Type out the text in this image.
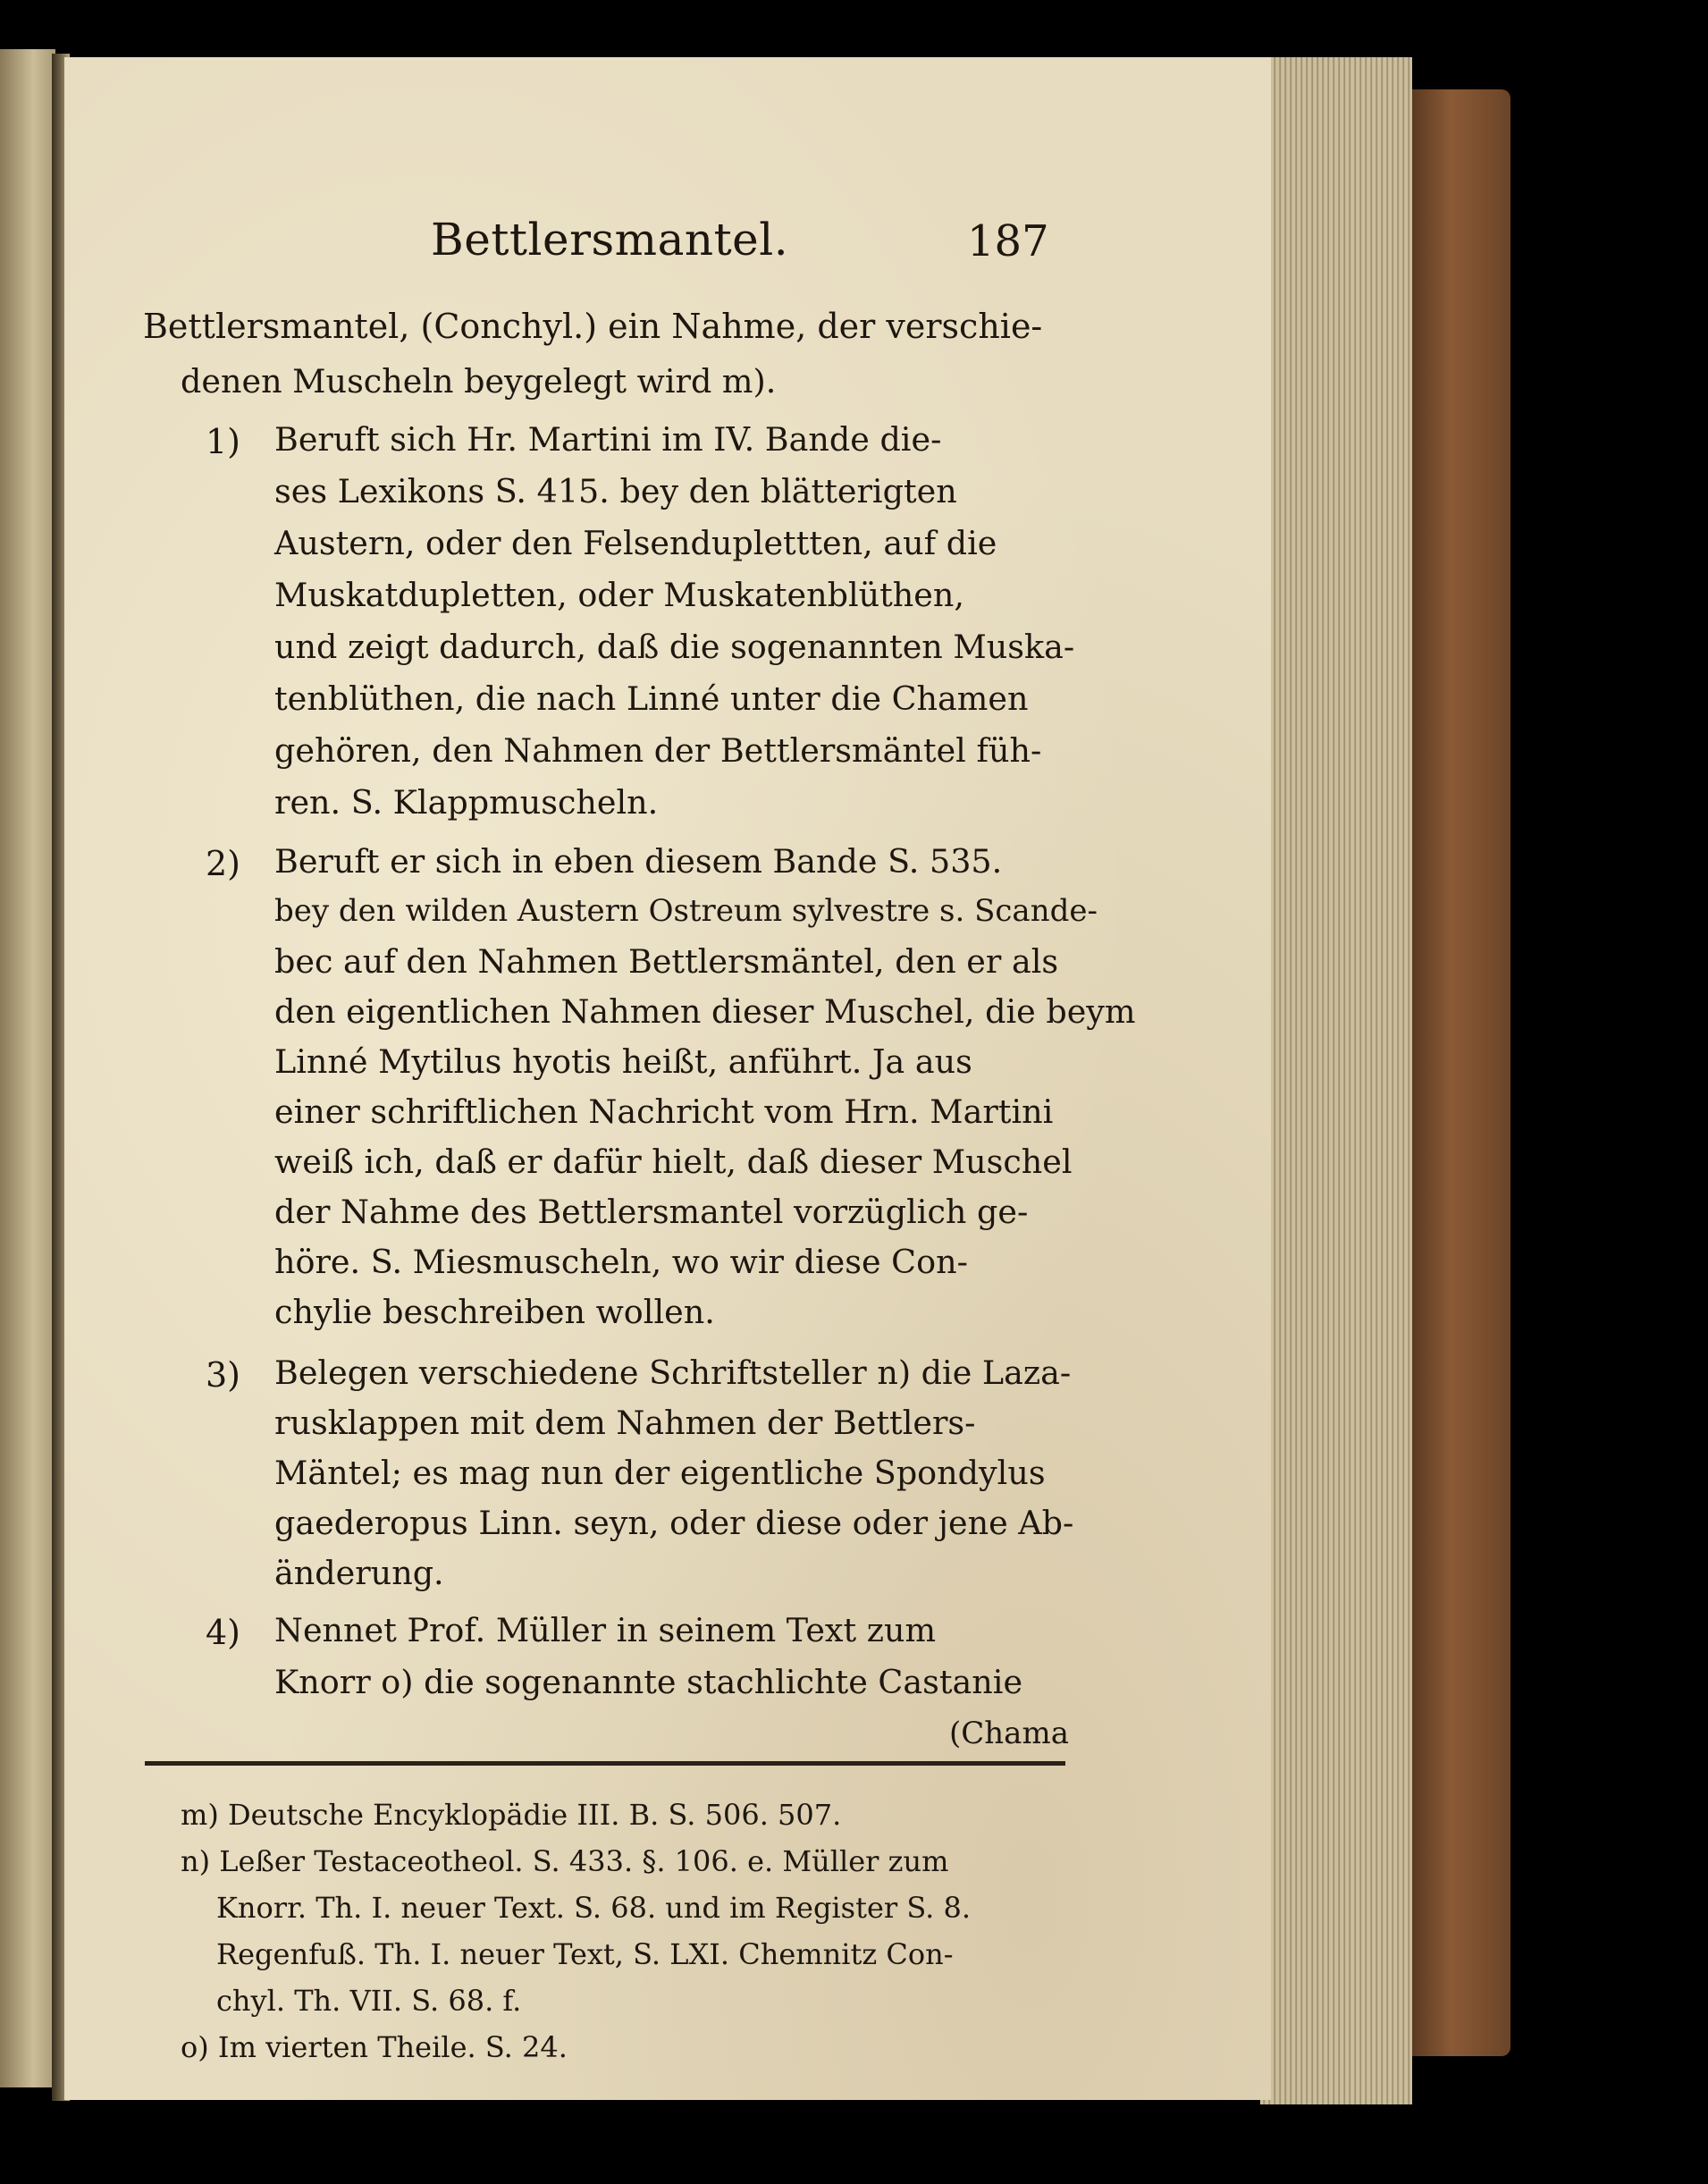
Bettlersmantel.	187
Bettlersmantel, (Conchyl.) ein Nahme, der verschie-
denen Muscheln beygelegt wird m).
1) Beruft sich Hr. Martini im IV. Bande die-
ses Lexikons S. 415. bey den blätterigten
Austern, oder den Felsenduplettten, auf die
Muskatdupletten, oder Muskatenblüthen,
und zeigt dadurch, daß die sogenannten Muska-
tenblüthen, die nach Linné unter die Chamen
gehören, den Nahmen der Bettlersmäntel füh-
ren. S. Klappmuscheln.
2) Beruft er sich in eben diesem Bande S. 535.
bey den wilden Austern Ostreum sylvestre s. Scande-
bec auf den Nahmen Bettlersmäntel, den er als
den eigentlichen Nahmen dieser Muschel, die beym
Linné Mytilus hyotis heißt, anführt. Ja aus
einer schriftlichen Nachricht vom Hrn. Martini
weiß ich, daß er dafür hielt, daß dieser Muschel
der Nahme des Bettlersmantel vorzüglich ge-
höre. S. Miesmuscheln, wo wir diese Con-
chylie beschreiben wollen.
3) Belegen verschiedene Schriftsteller n) die Laza-
rusklappen mit dem Nahmen der Bettlers-
Mäntel; es mag nun der eigentliche Spondylus
gaederopus Linn. seyn, oder diese oder jene Ab-
änderung.
4) Nennet Prof. Müller in seinem Text zum
Knorr o) die sogenannte stachlichte Castanie
(Chama
m) Deutsche Encyklopädie III. B. S. 506. 507.
n) Leßer Testaceotheol. S. 433. §. 106. e. Müller zum
Knorr. Th. I. neuer Text. S. 68. und im Register S. 8.
Regenfuß. Th. I. neuer Text, S. LXI. Chemnitz Con-
chyl. Th. VII. S. 68. f.
o) Im vierten Theile. S. 24.
